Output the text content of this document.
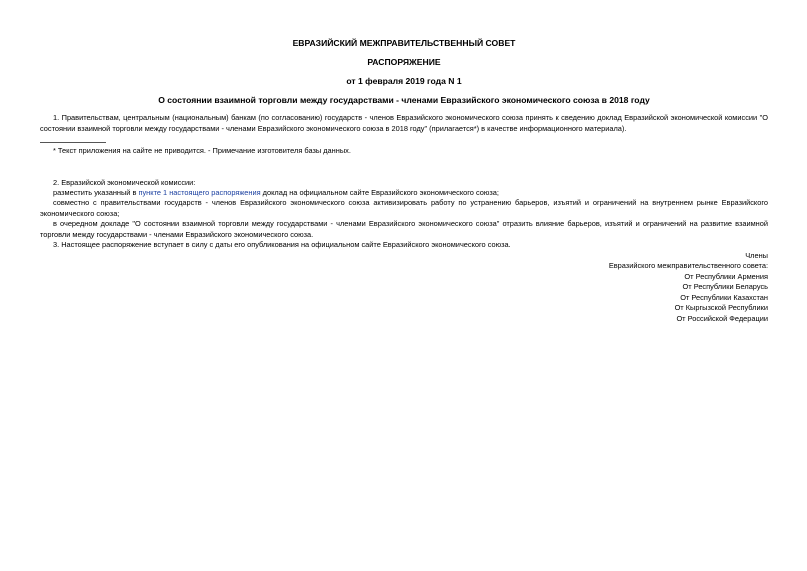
ЕВРАЗИЙСКИЙ МЕЖПРАВИТЕЛЬСТВЕННЫЙ СОВЕТ
РАСПОРЯЖЕНИЕ
от 1 февраля 2019 года N 1
О состоянии взаимной торговли между государствами - членами Евразийского экономического союза в 2018 году
1. Правительствам, центральным (национальным) банкам (по согласованию) государств - членов Евразийского экономического союза принять к сведению доклад Евразийской экономической комиссии "О состоянии взаимной торговли между государствами - членами Евразийского экономического союза в 2018 году" (прилагается*) в качестве информационного материала).
* Текст приложения на сайте не приводится. - Примечание изготовителя базы данных.
2. Евразийской экономической комиссии:
разместить указанный в пункте 1 настоящего распоряжения доклад на официальном сайте Евразийского экономического союза;
совместно с правительствами государств - членов Евразийского экономического союза активизировать работу по устранению барьеров, изъятий и ограничений на внутреннем рынке Евразийского экономического союза;
в очередном докладе "О состоянии взаимной торговли между государствами - членами Евразийского экономического союза" отразить влияние барьеров, изъятий и ограничений на развитие взаимной торговли между государствами - членами Евразийского экономического союза.
3. Настоящее распоряжение вступает в силу с даты его опубликования на официальном сайте Евразийского экономического союза.
Члены
Евразийского межправительственного совета:
От Республики Армения
От Республики Беларусь
От Республики Казахстан
От Кыргызской Республики
От Российской Федерации
